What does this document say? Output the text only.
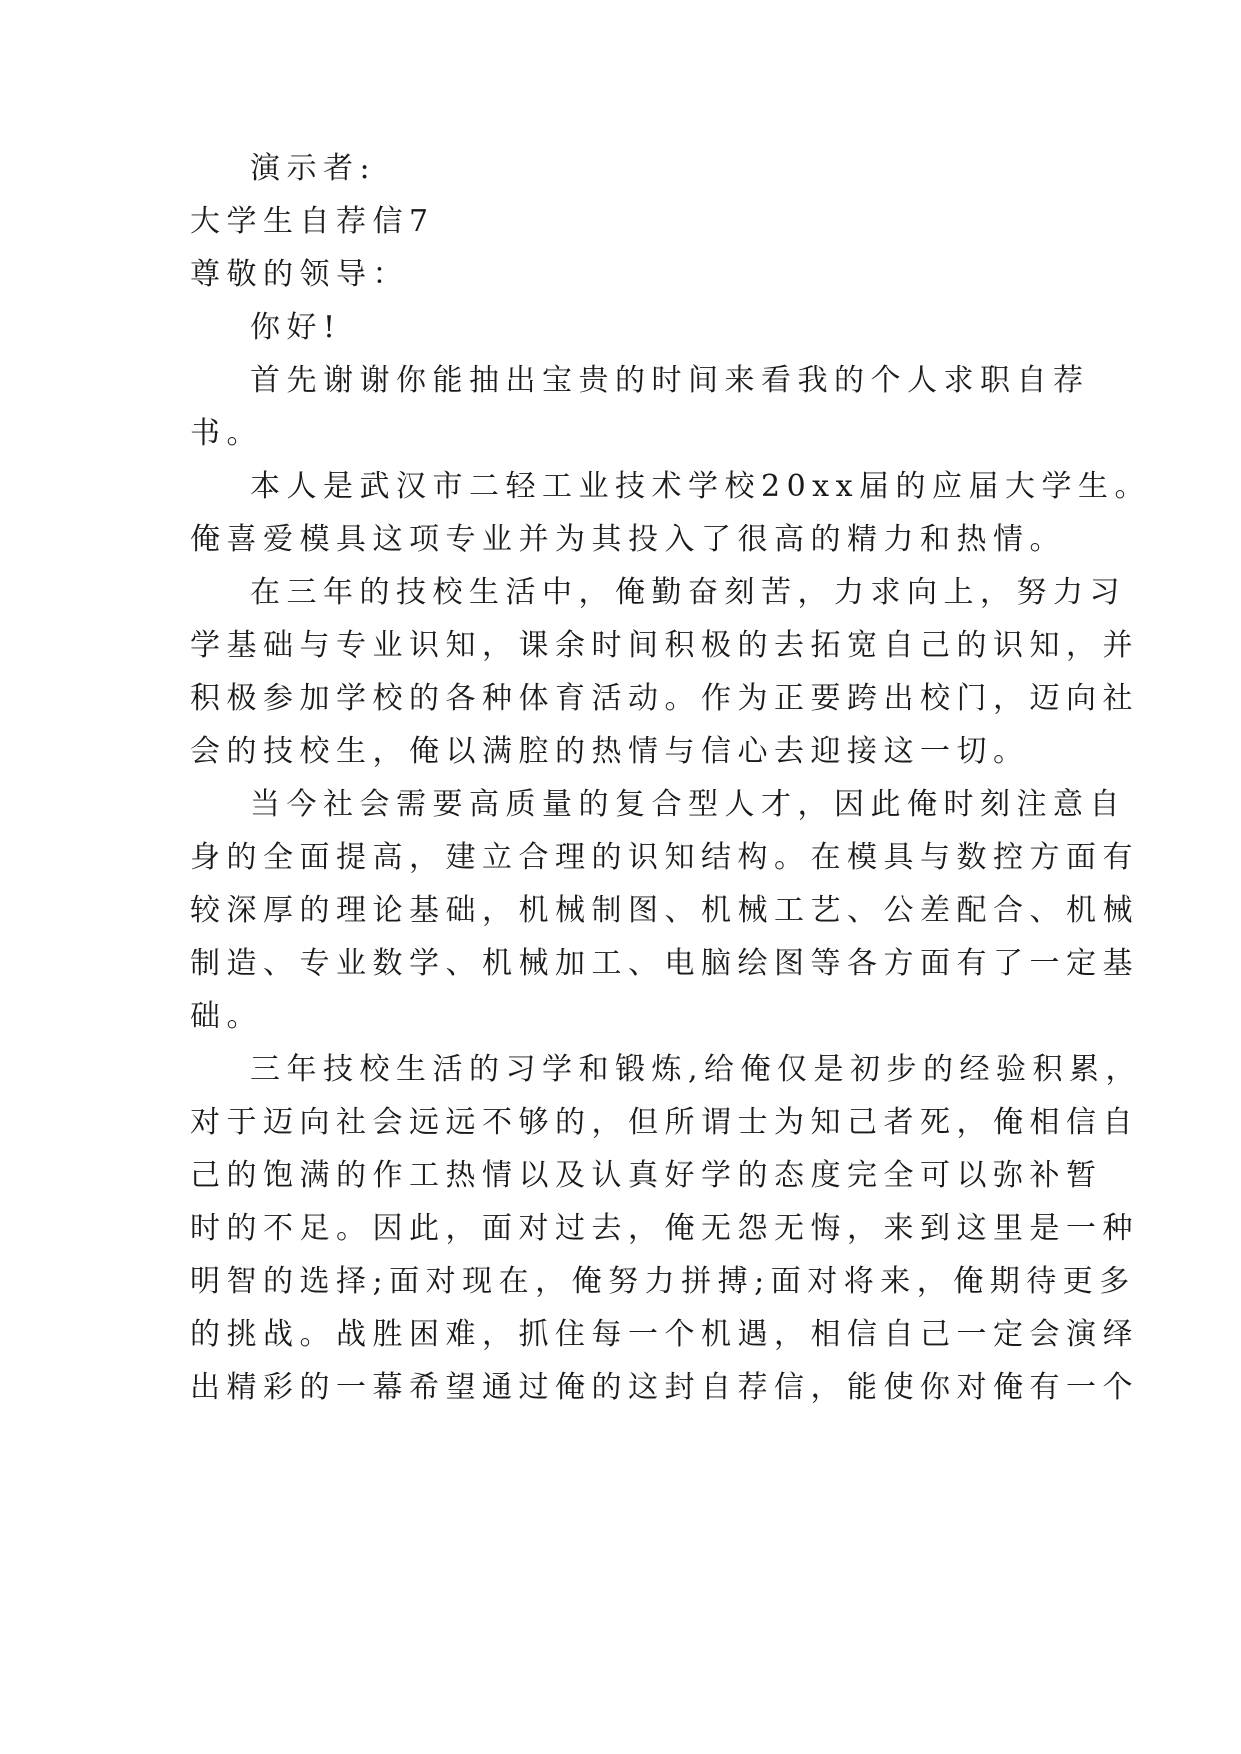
演示者:
大学生自荐信7
尊敬的领导：
你好!
首先谢谢你能抽出宝贵的时间来看我的个人求职自荐
书。
本人是武汉市二轻工业技术学校20xx届的应届大学生。
俺喜爱模具这项专业并为其投入了很高的精力和热情。
在三年的技校生活中，俺勤奋刻苦，力求向上，努力习
学基础与专业识知，课余时间积极的去拓宽自己的识知，并
积极参加学校的各种体育活动。作为正要跨出校门，迈向社
会的技校生，俺以满腔的热情与信心去迎接这一切。
当今社会需要高质量的复合型人才，因此俺时刻注意自
身的全面提高，建立合理的识知结构。在模具与数控方面有
较深厚的理论基础，机械制图、机械工艺、公差配合、机械
制造、专业数学、机械加工、电脑绘图等各方面有了一定基
础。
三年技校生活的习学和锻炼,给俺仅是初步的经验积累，
对于迈向社会远远不够的，但所谓士为知己者死，俺相信自
己的饱满的作工热情以及认真好学的态度完全可以弥补暂
时的不足。因此，面对过去，俺无怨无悔，来到这里是一种
明智的选择;面对现在，俺努力拼搏;面对将来，俺期待更多
的挑战。战胜困难，抓住每一个机遇，相信自己一定会演绎
出精彩的一幕希望通过俺的这封自荐信，能使你对俺有一个
